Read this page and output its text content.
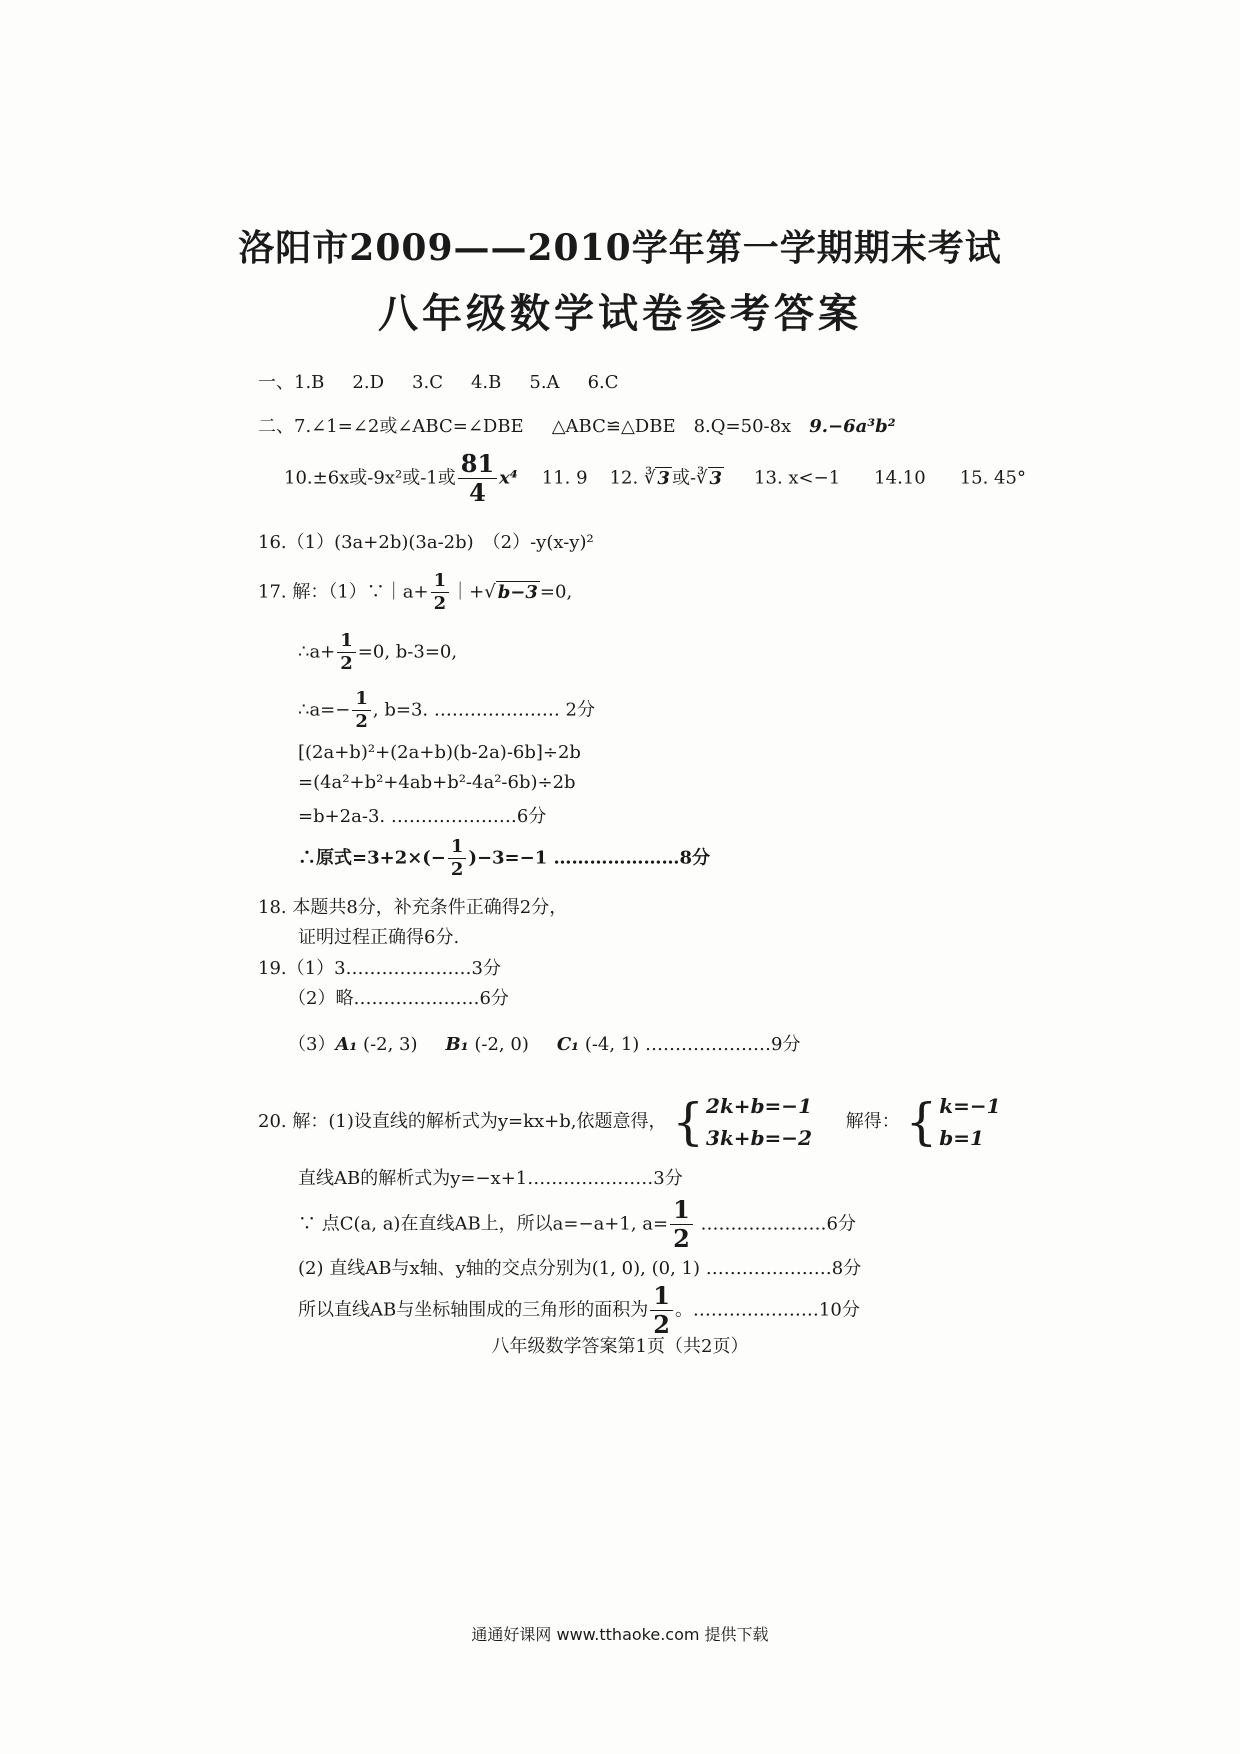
洛阳市2009——2010学年第一学期期末考试
八年级数学试卷参考答案
一、1.B 2.D 3.C 4.B 5.A 6.C
二、7.∠1=∠2或∠ABC=∠DBE △ABC≌△DBE 8.Q=50-8x 9.−6a³b²
10.±6x或-9x²或-1或 $\frac{81}{4} x^4$ 11. 9 12. ∛ 3 或-∛ 3 13. x<−1 14.10 15. 45°
16.（1）(3a+2b)(3a-2b)　（2）-y(x-y)²
17. 解：（1）∵｜a+ $\frac{1}{2}$ ｜+√ b−3 =0,
∴a+ $\frac{1}{2} =0$, b-3=0,
∴a=− $\frac{1}{2}$ , b=3. ………………… 2分
[(2a+b)²+(2a+b)(b-2a)-6b]÷2b
=(4a²+b²+4ab+b²-4a²-6b)÷2b
=b+2a-3. …………………6分
∴原式$=3+2\times(- \frac{1}{2} )-3=-1$ …………………8分
18. 本题共8分，补充条件正确得2分，
证明过程正确得6分.
19.（1）3…………………3分
（2）略…………………6分
（3）A₁ (-2, 3) B₁ (-2, 0) C₁ (-4, 1) …………………9分
20. 解：(1)设直线的解析式为y=kx+b,依题意得， { 2k+b=−1
3k+b=−2
解得： { k=−1
b=1
直线AB的解析式为y=−x+1…………………3分
∵ 点C(a, a)在直线AB上，所以a=−a+1, $a= \frac{1}{2}$ …………………6分
(2) 直线AB与x轴、y轴的交点分别为(1, 0), (0, 1) …………………8分
所以直线AB与坐标轴围成的三角形的面积为 $\frac{1}{2}$ 。…………………10分
八年级数学答案第1页（共2页）
通通好课网 www.tthaoke.com 提供下载
